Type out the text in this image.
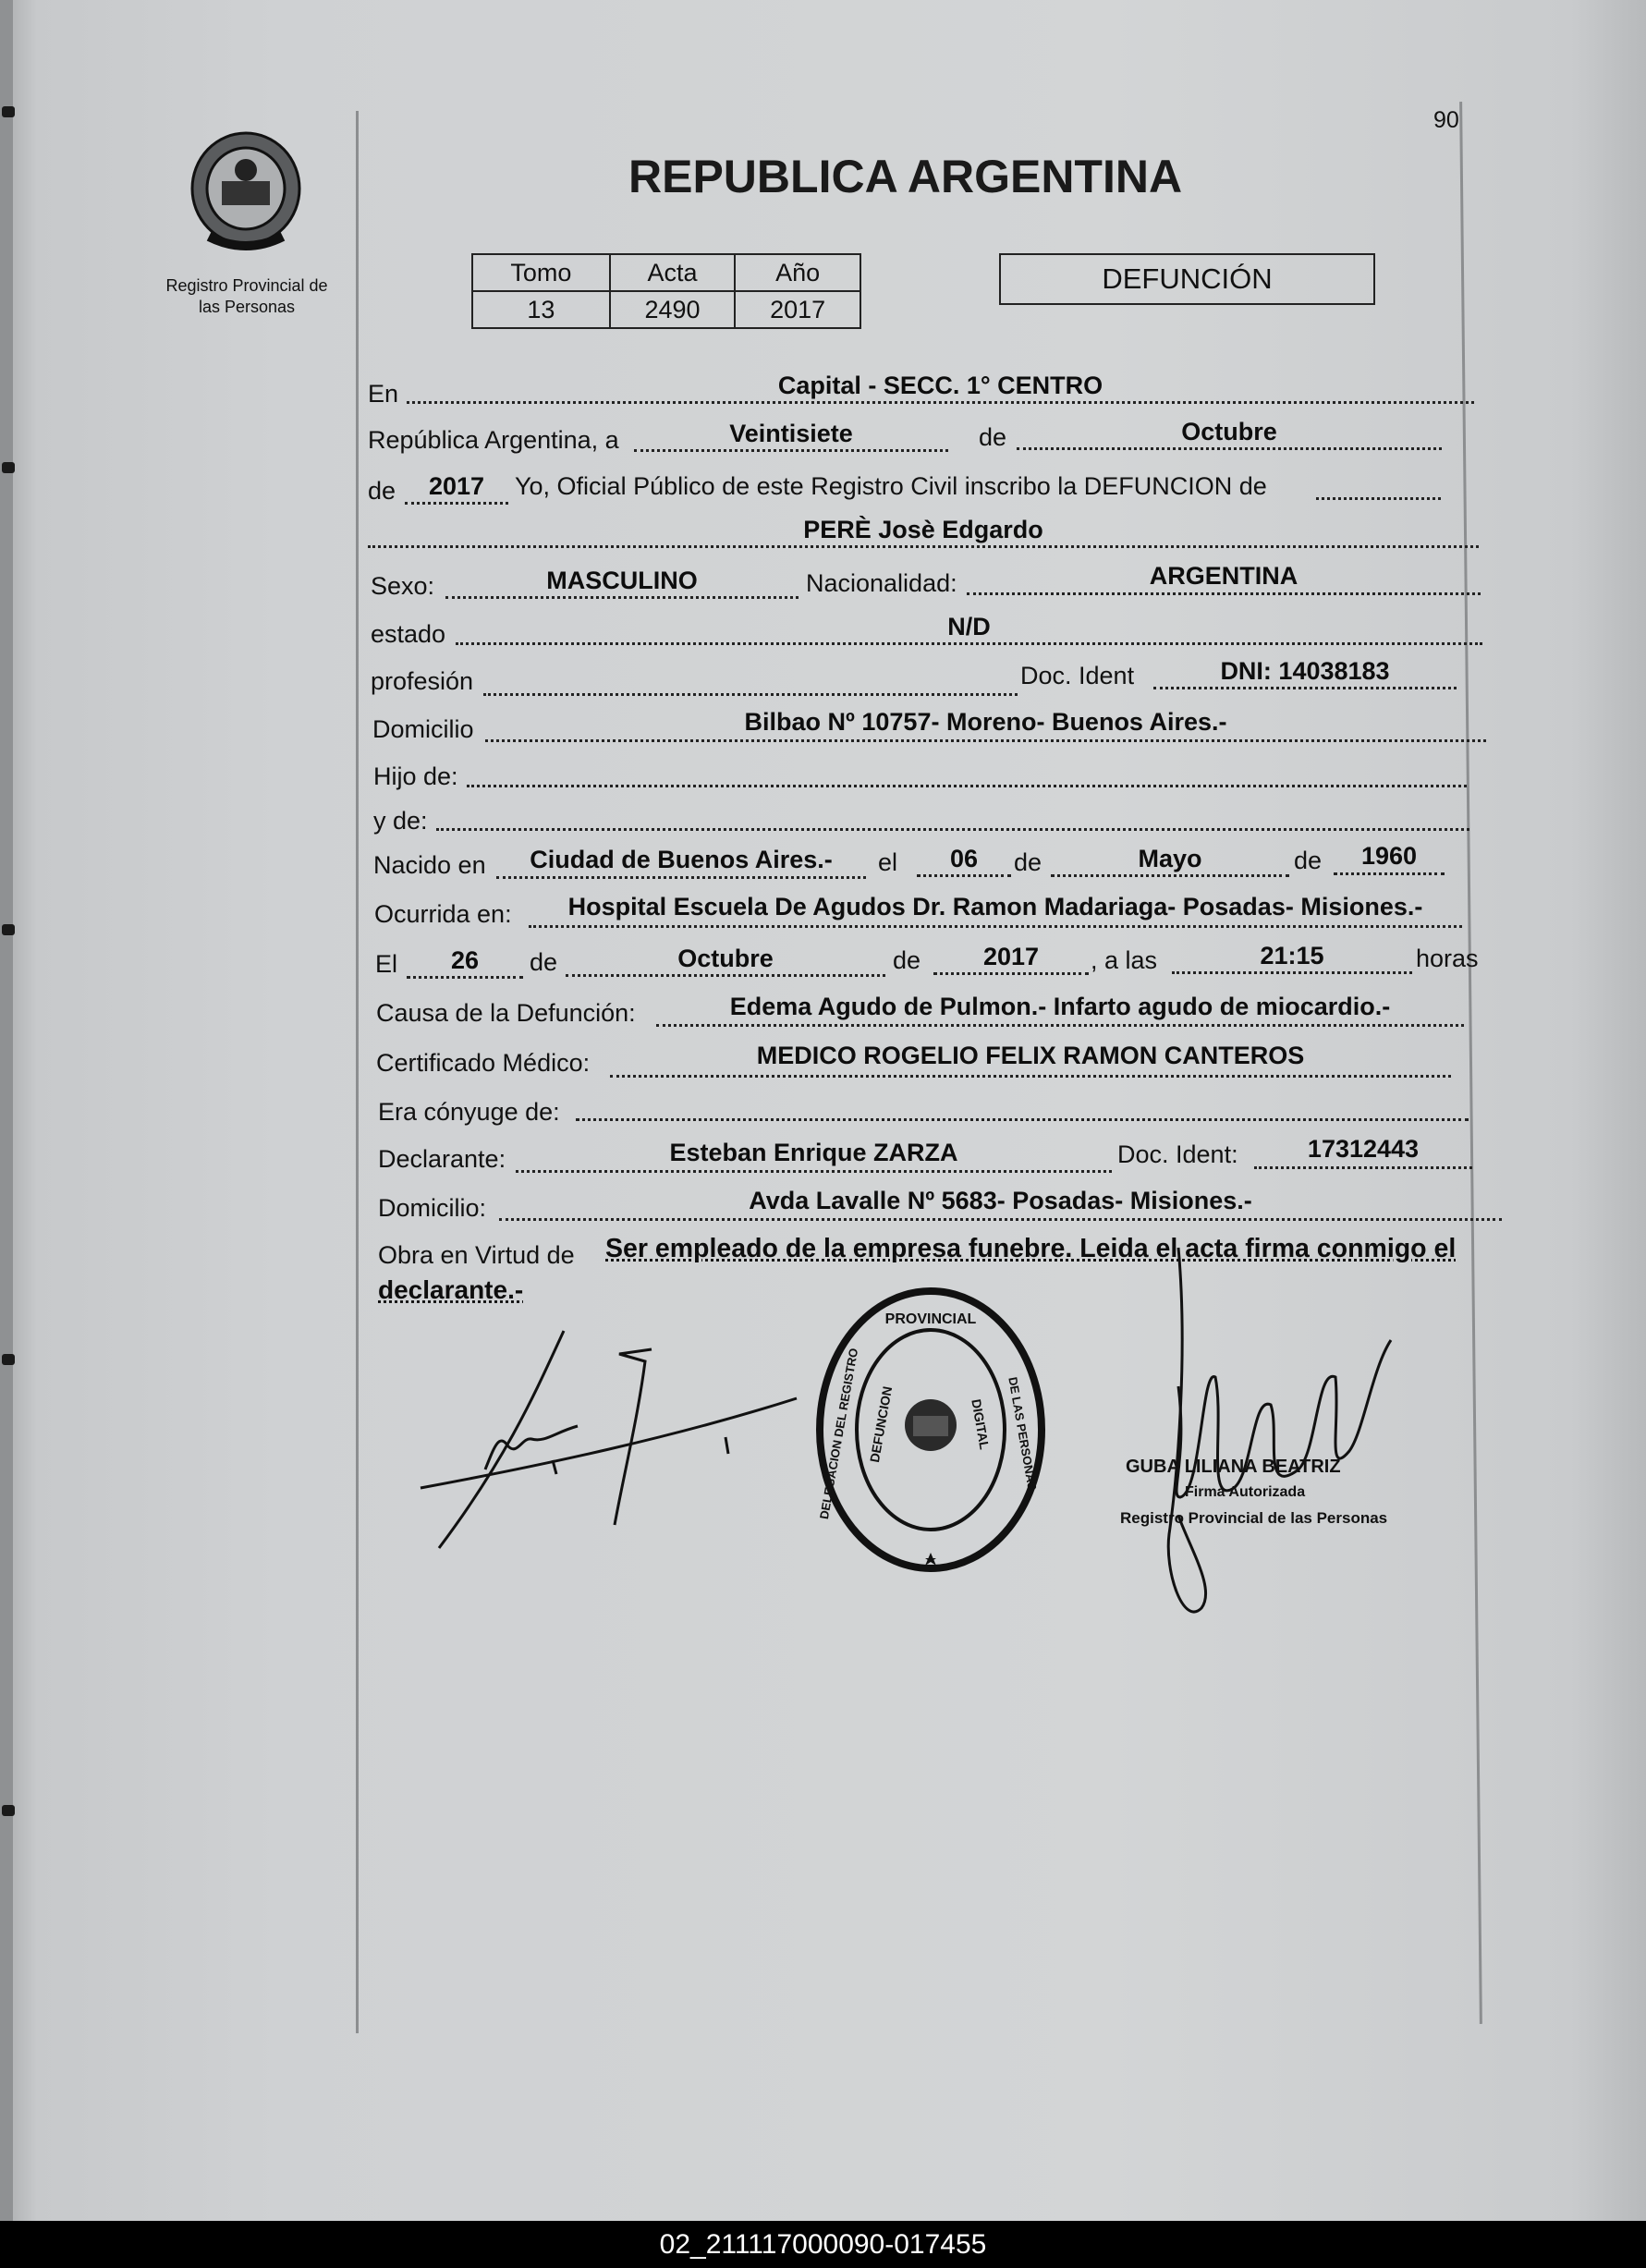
Registro Provincial de
las Personas
90
REPUBLICA ARGENTINA
Tomo	Acta	Año
13	2490	2017
DEFUNCIÓN
En	Capital - SECC. 1° CENTRO
República Argentina, a	Veintisiete	de	Octubre
de	2017	Yo, Oficial Público de este Registro Civil inscribo la DEFUNCION de
PERÈ Josè Edgardo
Sexo:	MASCULINO	Nacionalidad:	ARGENTINA
estado	N/D
profesión	Doc. Ident	DNI: 14038183
Domicilio	Bilbao Nº 10757- Moreno- Buenos Aires.-
Hijo de:
y de:
Nacido en	Ciudad de Buenos Aires.-	el	06	de	Mayo	de	1960
Ocurrida en:	Hospital Escuela De Agudos Dr. Ramon Madariaga- Posadas- Misiones.-
El	26	de	Octubre	de	2017	, a las	21:15	horas
Causa de la Defunción:	Edema Agudo de Pulmon.- Infarto agudo de miocardio.-
Certificado Médico:	MEDICO ROGELIO FELIX RAMON CANTEROS
Era cónyuge de:
Declarante:	Esteban Enrique ZARZA	Doc. Ident:	17312443
Domicilio:	Avda Lavalle Nº 5683- Posadas- Misiones.-
Obra en Virtud de Ser empleado de la empresa funebre. Leida el acta firma conmigo el
declarante.-
PROVINCIAL
DELEGACION DEL REGISTRO	DE LAS PERSONAS
DEFUNCION	DIGITAL
GUBA LILIANA BEATRIZ
Firma Autorizada
Registro Provincial de las Personas
02_211117000090-017455
